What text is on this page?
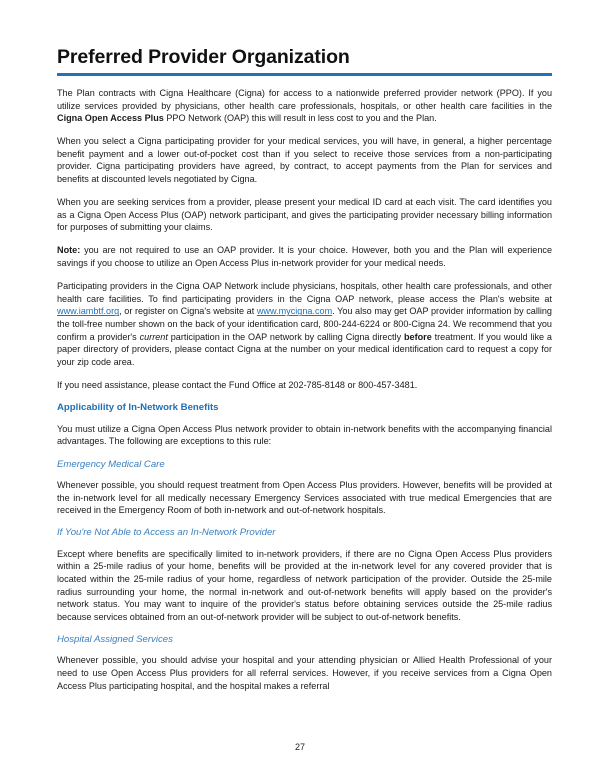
Preferred Provider Organization

The Plan contracts with Cigna Healthcare (Cigna) for access to a nationwide preferred provider network (PPO). If you utilize services provided by physicians, other health care professionals, hospitals, or other health care facilities in the Cigna Open Access Plus PPO Network (OAP) this will result in less cost to you and the Plan.

When you select a Cigna participating provider for your medical services, you will have, in general, a higher percentage benefit payment and a lower out-of-pocket cost than if you select to receive those services from a non-participating provider. Cigna participating providers have agreed, by contract, to accept payments from the Plan for services and benefits at discounted levels negotiated by Cigna.

When you are seeking services from a provider, please present your medical ID card at each visit. The card identifies you as a Cigna Open Access Plus (OAP) network participant, and gives the participating provider necessary billing information for purposes of submitting your claims.

Note: you are not required to use an OAP provider. It is your choice. However, both you and the Plan will experience savings if you choose to utilize an Open Access Plus in-network provider for your medical needs.

Participating providers in the Cigna OAP Network include physicians, hospitals, other health care professionals, and other health care facilities. To find participating providers in the Cigna OAP network, please access the Plan's website at www.iambtf.org, or register on Cigna's website at www.mycigna.com. You also may get OAP provider information by calling the toll-free number shown on the back of your identification card, 800-244-6224 or 800-Cigna 24. We recommend that you confirm a provider's current participation in the OAP network by calling Cigna directly before treatment. If you would like a paper directory of providers, please contact Cigna at the number on your medical identification card to request a copy for your zip code area.

If you need assistance, please contact the Fund Office at 202-785-8148 or 800-457-3481.

Applicability of In-Network Benefits

You must utilize a Cigna Open Access Plus network provider to obtain in-network benefits with the accompanying financial advantages. The following are exceptions to this rule:

Emergency Medical Care

Whenever possible, you should request treatment from Open Access Plus providers. However, benefits will be provided at the in-network level for all medically necessary Emergency Services associated with true medical Emergencies that are received in the Emergency Room of both in-network and out-of-network hospitals.

If You're Not Able to Access an In-Network Provider

Except where benefits are specifically limited to in-network providers, if there are no Cigna Open Access Plus providers within a 25-mile radius of your home, benefits will be provided at the in-network level for any covered provider that is located within the 25-mile radius of your home, regardless of network participation of the provider. Outside the 25-mile radius surrounding your home, the normal in-network and out-of-network benefits will apply based on the provider's network status. You may want to inquire of the provider's status before obtaining services outside the 25-mile radius because services obtained from an out-of-network provider will be subject to out-of-network benefits.

Hospital Assigned Services

Whenever possible, you should advise your hospital and your attending physician or Allied Health Professional of your need to use Open Access Plus providers for all referral services. However, if you receive services from a Cigna Open Access Plus participating hospital, and the hospital makes a referral

27
